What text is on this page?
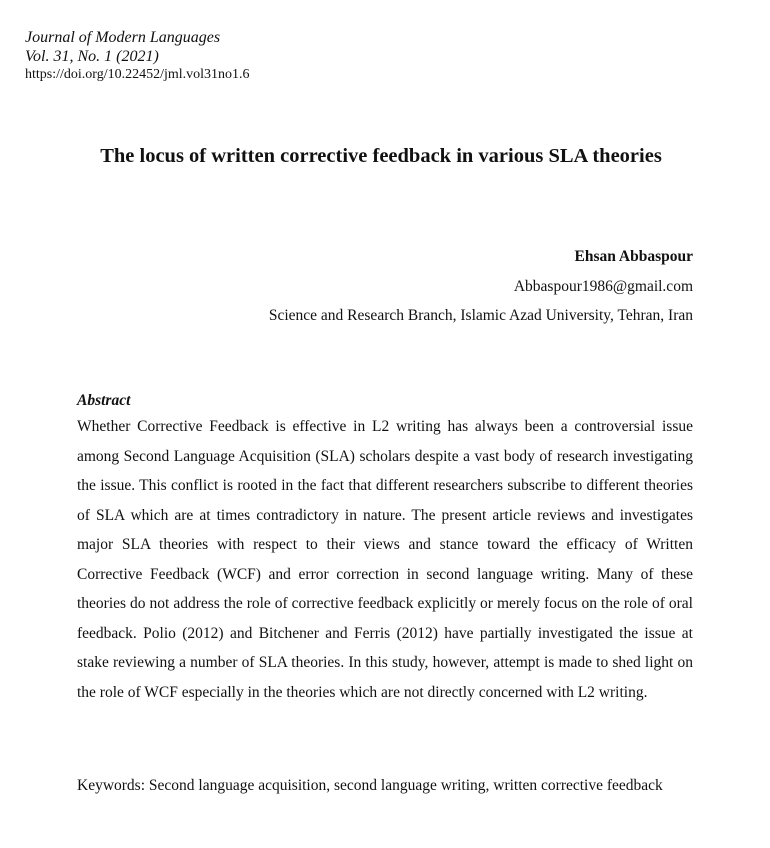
Journal of Modern Languages
Vol. 31, No. 1 (2021)
https://doi.org/10.22452/jml.vol31no1.6
The locus of written corrective feedback in various SLA theories
Ehsan Abbaspour
Abbaspour1986@gmail.com
Science and Research Branch, Islamic Azad University, Tehran, Iran
Abstract

Whether Corrective Feedback is effective in L2 writing has always been a controversial issue among Second Language Acquisition (SLA) scholars despite a vast body of research investigating the issue. This conflict is rooted in the fact that different researchers subscribe to different theories of SLA which are at times contradictory in nature. The present article reviews and investigates major SLA theories with respect to their views and stance toward the efficacy of Written Corrective Feedback (WCF) and error correction in second language writing. Many of these theories do not address the role of corrective feedback explicitly or merely focus on the role of oral feedback. Polio (2012) and Bitchener and Ferris (2012) have partially investigated the issue at stake reviewing a number of SLA theories. In this study, however, attempt is made to shed light on the role of WCF especially in the theories which are not directly concerned with L2 writing.

Keywords: Second language acquisition, second language writing, written corrective feedback
